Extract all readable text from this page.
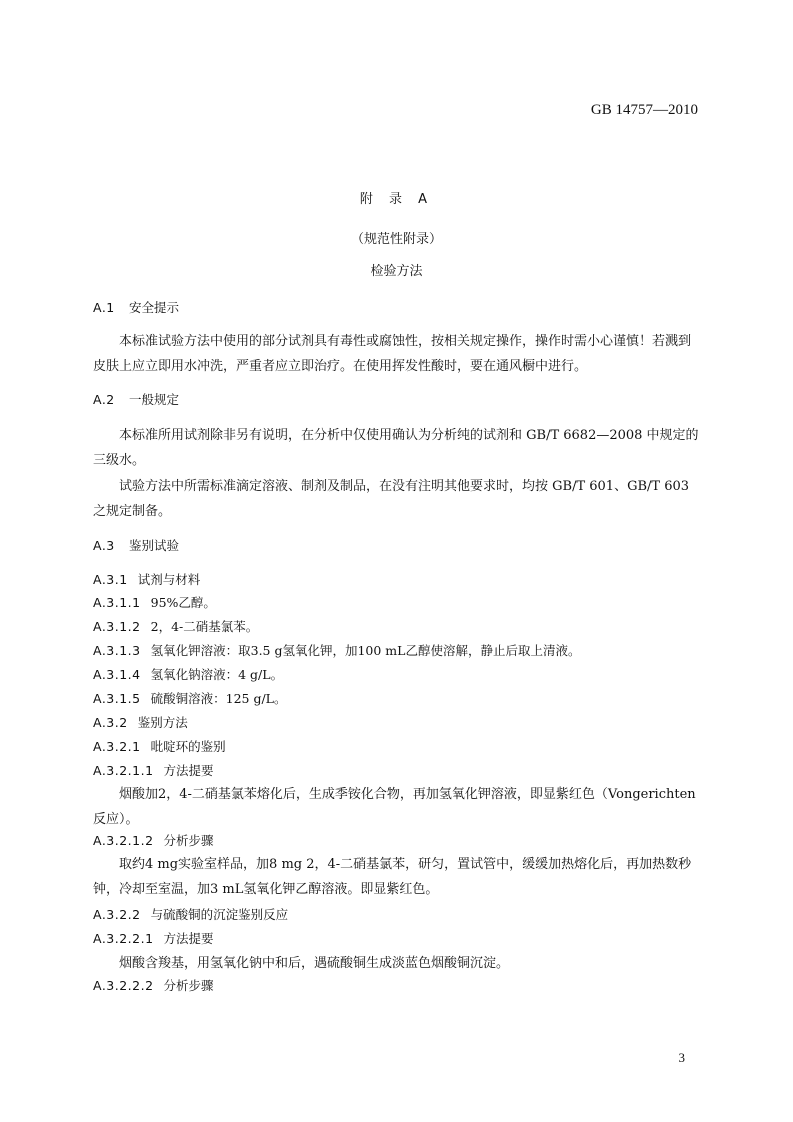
GB 14757—2010
附 录 A
（规范性附录）
检验方法
A.1 安全提示
本标准试验方法中使用的部分试剂具有毒性或腐蚀性，按相关规定操作，操作时需小心谨慎！若溅到皮肤上应立即用水冲洗，严重者应立即治疗。在使用挥发性酸时，要在通风橱中进行。
A.2 一般规定
本标准所用试剂除非另有说明，在分析中仅使用确认为分析纯的试剂和 GB/T 6682—2008 中规定的三级水。
试验方法中所需标准滴定溶液、制剂及制品，在没有注明其他要求时，均按 GB/T 601、GB/T 603 之规定制备。
A.3 鉴别试验
A.3.1 试剂与材料
A.3.1.1 95%乙醇。
A.3.1.2 2，4-二硝基氯苯。
A.3.1.3 氢氧化钾溶液：取3.5 g氢氧化钾，加100 mL乙醇使溶解，静止后取上清液。
A.3.1.4 氢氧化钠溶液：4 g/L。
A.3.1.5 硫酸铜溶液：125 g/L。
A.3.2 鉴别方法
A.3.2.1 吡啶环的鉴别
A.3.2.1.1 方法提要
烟酸加2，4-二硝基氯苯熔化后，生成季铵化合物，再加氢氧化钾溶液，即显紫红色（Vongerichten反应）。
A.3.2.1.2 分析步骤
取约4 mg实验室样品，加8 mg 2，4-二硝基氯苯，研匀，置试管中，缓缓加热熔化后，再加热数秒钟，冷却至室温，加3 mL氢氧化钾乙醇溶液。即显紫红色。
A.3.2.2 与硫酸铜的沉淀鉴别反应
A.3.2.2.1 方法提要
烟酸含羧基，用氢氧化钠中和后，遇硫酸铜生成淡蓝色烟酸铜沉淀。
A.3.2.2.2 分析步骤
3
